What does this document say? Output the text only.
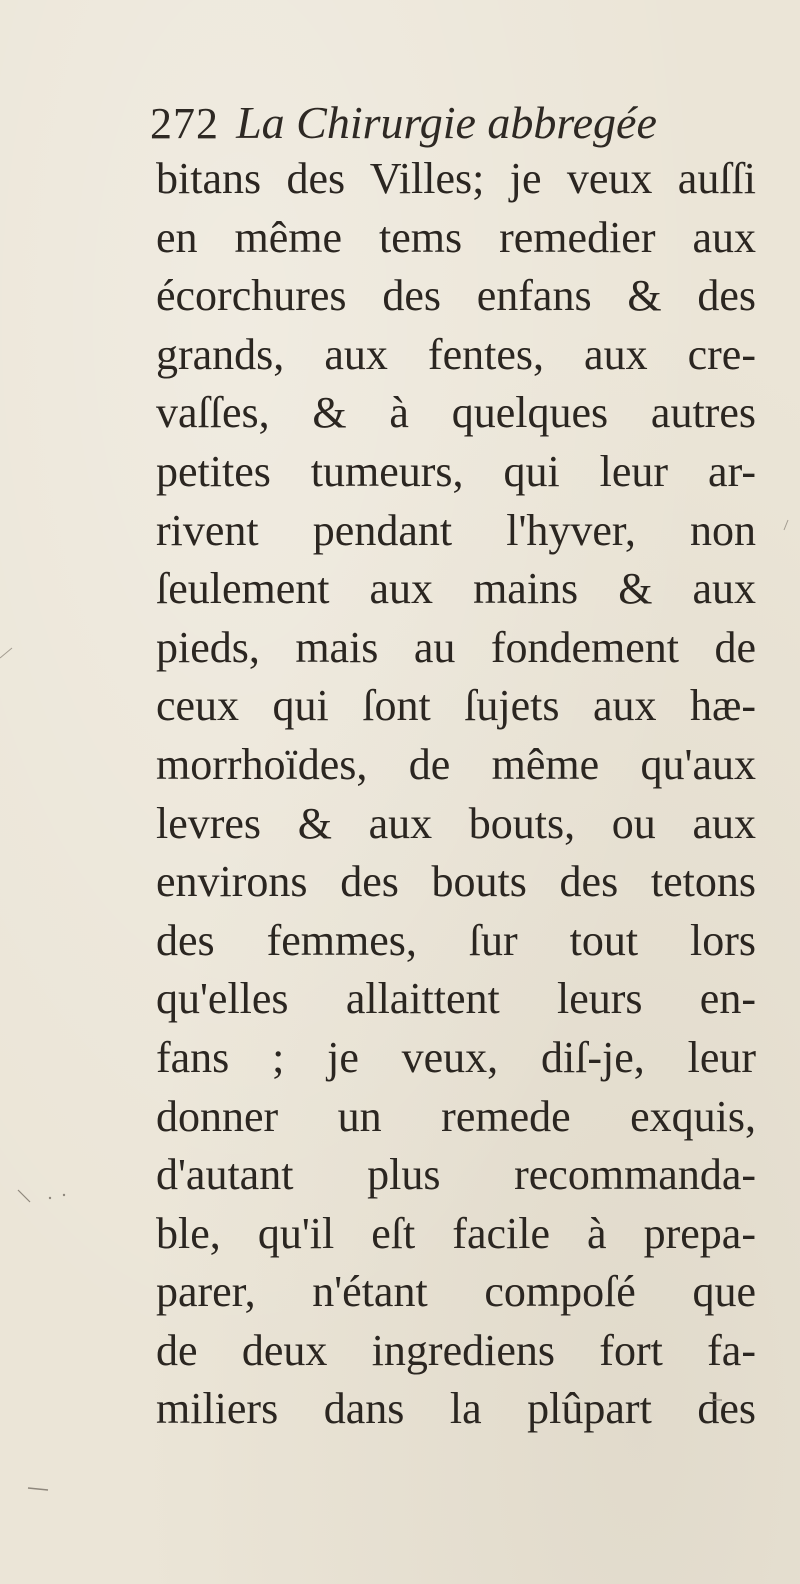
272 La Chirurgie abbregée
bitans des Villes; je veux auſſi
en même tems remedier aux
écorchures des enfans & des
grands, aux fentes, aux cre-
vaſſes, & à quelques autres
petites tumeurs, qui leur ar-
rivent pendant l'hyver, non
ſeulement aux mains & aux
pieds, mais au fondement de
ceux qui ſont ſujets aux hæ-
morrhoïdes, de même qu'aux
levres & aux bouts, ou aux
environs des bouts des tetons
des femmes, ſur tout lors
qu'elles allaittent leurs en-
fans ; je veux, diſ-je, leur
donner un remede exquis,
d'autant plus recommanda-
ble, qu'il eſt facile à prepa-
parer, n'étant compoſé que
de deux ingrediens fort fa-
miliers dans la plûpart des
